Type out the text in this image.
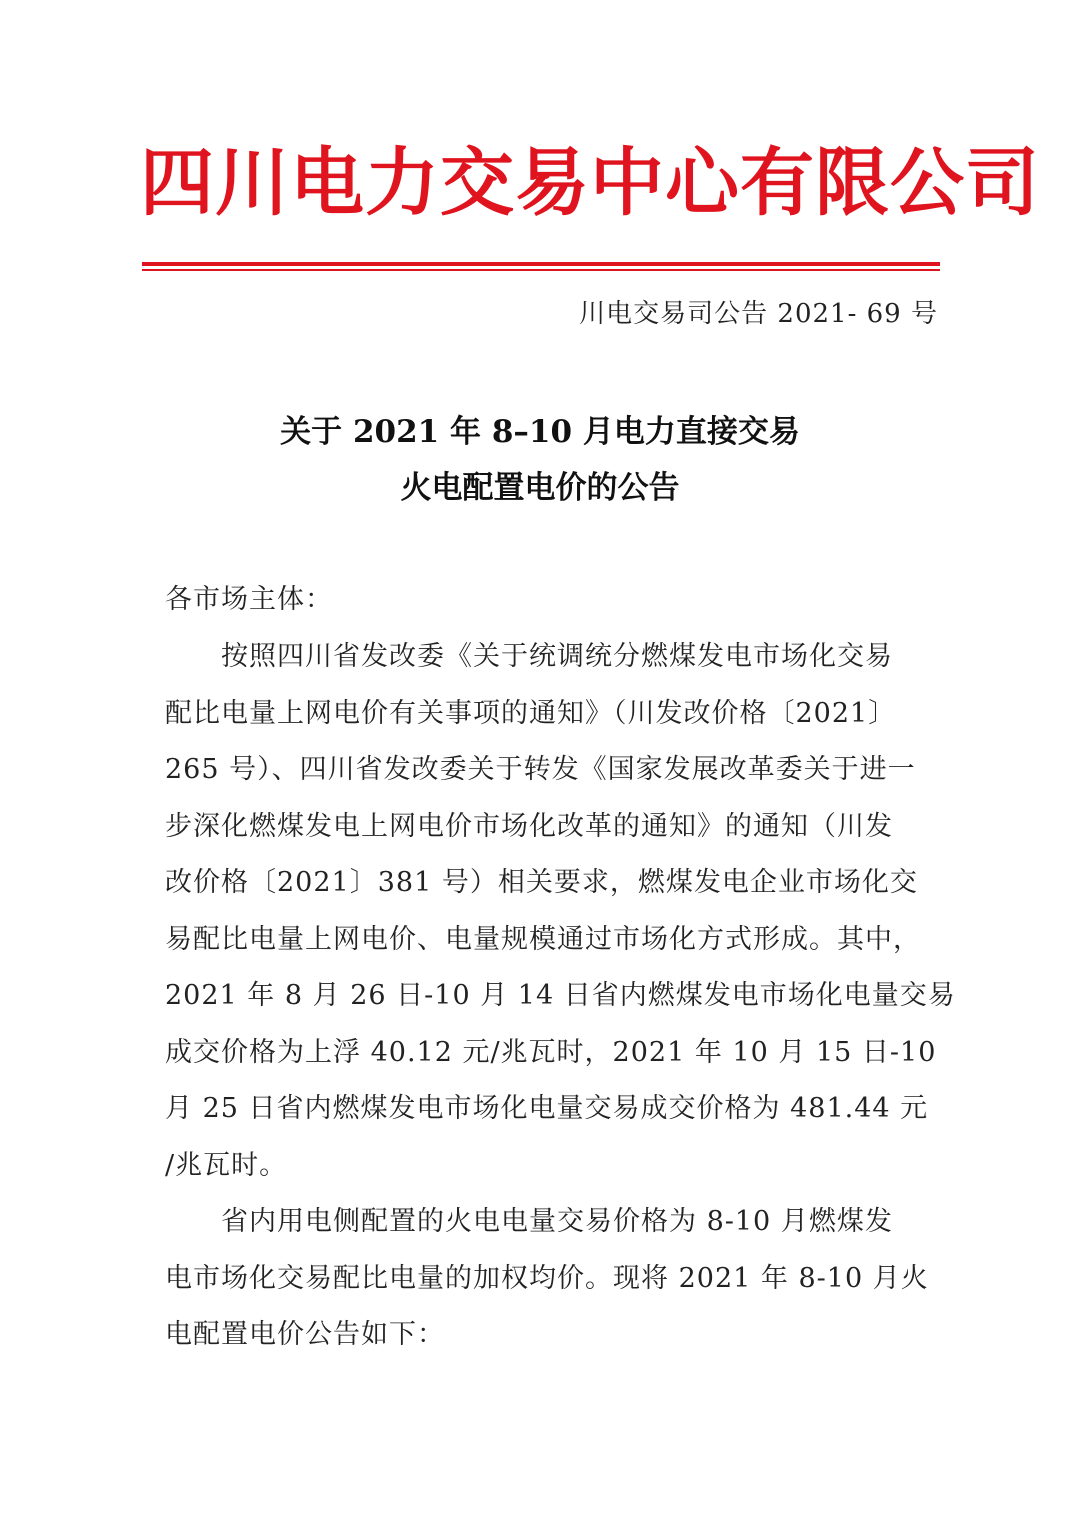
四川电力交易中心有限公司
川电交易司公告 2021- 69 号
关于 2021 年 8–10 月电力直接交易
火电配置电价的公告
各市场主体：
按照四川省发改委《关于统调统分燃煤发电市场化交易
配比电量上网电价有关事项的通知》（川发改价格〔2021〕
265 号）、四川省发改委关于转发《国家发展改革委关于进一
步深化燃煤发电上网电价市场化改革的通知》的通知（川发
改价格〔2021〕381 号）相关要求，燃煤发电企业市场化交
易配比电量上网电价、电量规模通过市场化方式形成。其中，
2021 年 8 月 26 日-10 月 14 日省内燃煤发电市场化电量交易
成交价格为上浮 40.12 元/兆瓦时，2021 年 10 月 15 日-10
月 25 日省内燃煤发电市场化电量交易成交价格为 481.44 元
/兆瓦时。
省内用电侧配置的火电电量交易价格为 8-10 月燃煤发
电市场化交易配比电量的加权均价。现将 2021 年 8-10 月火
电配置电价公告如下：
